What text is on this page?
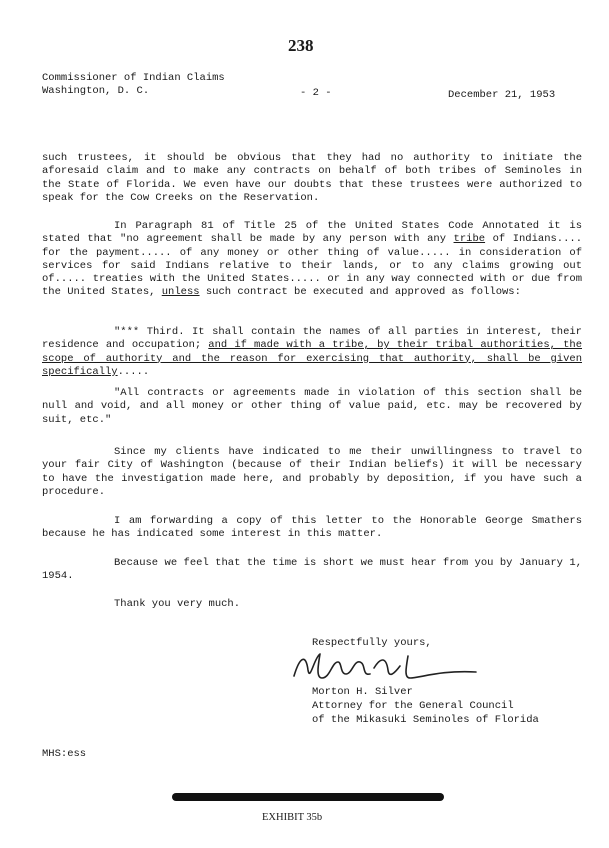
238
Commissioner of Indian Claims
Washington, D. C.	- 2 -	December 21, 1953
such trustees, it should be obvious that they had no authority to initiate the aforesaid claim and to make any contracts on behalf of both tribes of Seminoles in the State of Florida. We even have our doubts that these trustees were authorized to speak for the Cow Creeks on the Reservation.
In Paragraph 81 of Title 25 of the United States Code Annotated it is stated that "no agreement shall be made by any person with any tribe of Indians.... for the payment..... of any money or other thing of value..... in consideration of services for said Indians relative to their lands, or to any claims growing out of..... treaties with the United States..... or in any way connected with or due from the United States, unless such contract be executed and approved as follows:
"*** Third. It shall contain the names of all parties in interest, their residence and occupation; and if made with a tribe, by their tribal authorities, the scope of authority and the reason for exercising that authority, shall be given specifically.....
"All contracts or agreements made in violation of this section shall be null and void, and all money or other thing of value paid, etc. may be recovered by suit, etc."
Since my clients have indicated to me their unwillingness to travel to your fair City of Washington (because of their Indian beliefs) it will be necessary to have the investigation made here, and probably by deposition, if you have such a procedure.
I am forwarding a copy of this letter to the Honorable George Smathers because he has indicated some interest in this matter.
Because we feel that the time is short we must hear from you by January 1, 1954.
Thank you very much.
Respectfully yours,
Morton H. Silver
Attorney for the General Council
of the Mikasuki Seminoles of Florida
MHS:ess
EXHIBIT 35b
